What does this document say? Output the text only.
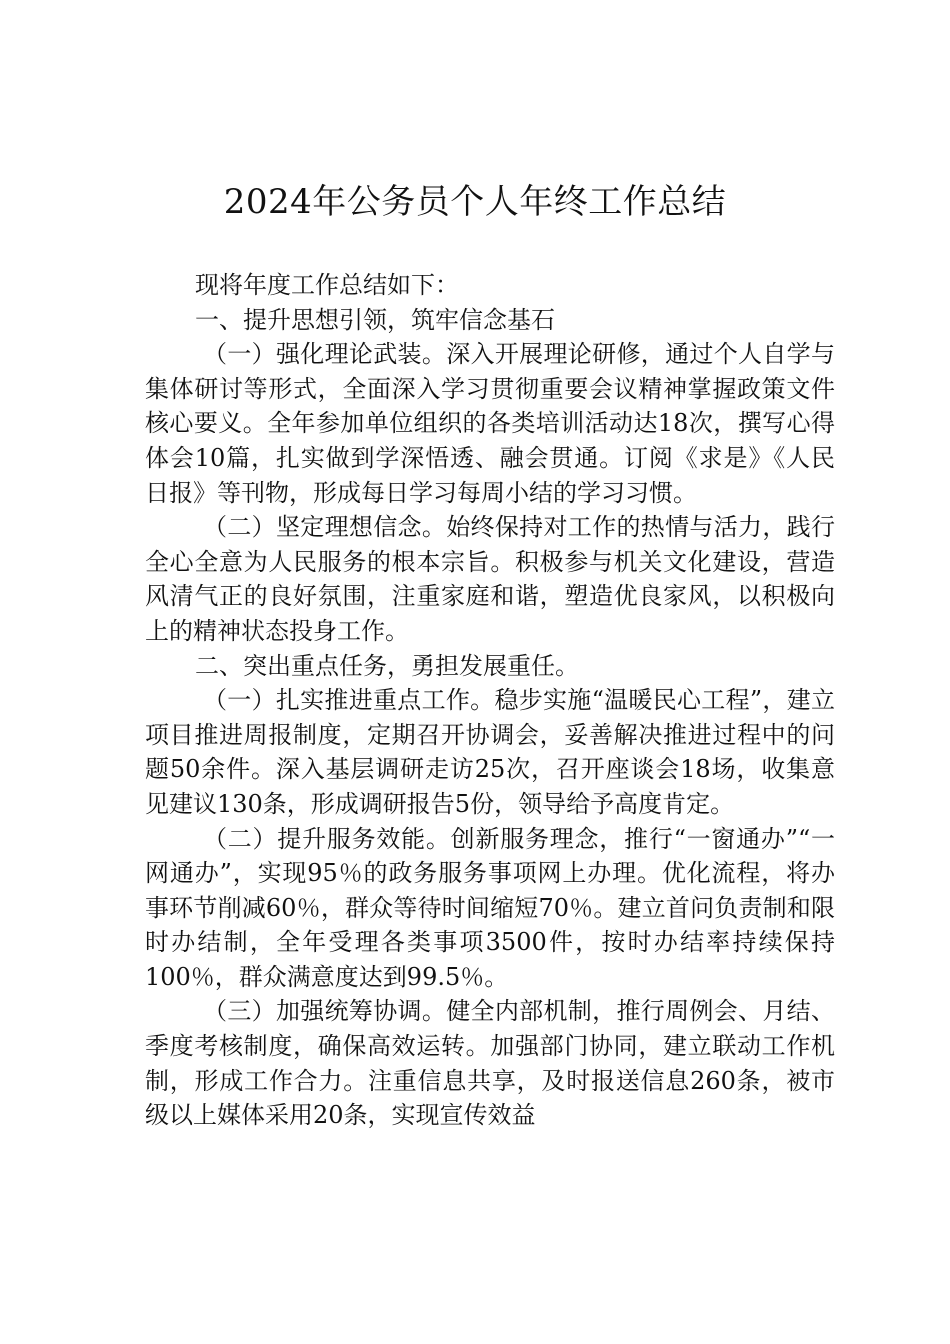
2024年公务员个人年终工作总结

现将年度工作总结如下：

一、提升思想引领，筑牢信念基石

（一）强化理论武装。深入开展理论研修，通过个人自学与集体研讨等形式，全面深入学习贯彻重要会议精神掌握政策文件核心要义。全年参加单位组织的各类培训活动达18次，撰写心得体会10篇，扎实做到学深悟透、融会贯通。订阅《求是》《人民日报》等刊物，形成每日学习每周小结的学习习惯。

（二）坚定理想信念。始终保持对工作的热情与活力，践行全心全意为人民服务的根本宗旨。积极参与机关文化建设，营造风清气正的良好氛围，注重家庭和谐，塑造优良家风，以积极向上的精神状态投身工作。

二、突出重点任务，勇担发展重任。

（一）扎实推进重点工作。稳步实施“温暖民心工程”，建立项目推进周报制度，定期召开协调会，妥善解决推进过程中的问题50余件。深入基层调研走访25次，召开座谈会18场，收集意见建议130条，形成调研报告5份，领导给予高度肯定。

（二）提升服务效能。创新服务理念，推行“一窗通办”“一网通办”，实现95％的政务服务事项网上办理。优化流程，将办事环节削减60％，群众等待时间缩短70％。建立首问负责制和限时办结制，全年受理各类事项3500件，按时办结率持续保持100％，群众满意度达到99.5％。

（三）加强统筹协调。健全内部机制，推行周例会、月结、季度考核制度，确保高效运转。加强部门协同，建立联动工作机制，形成工作合力。注重信息共享，及时报送信息260条，被市级以上媒体采用20条，实现宣传效益
